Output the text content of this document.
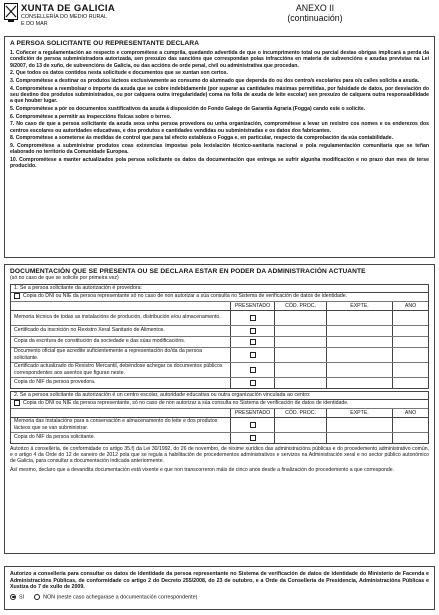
XUNTA DE GALICIA
CONSELLERÍA DO MEDIO RURAL
E DO MAR
ANEXO II
(continuación)
A PERSOA SOLICITANTE OU REPRESENTANTE DECLARA
1. Coñecer a regulamentación ao respecto e comprométese a cumprila, quedando advertida de que o incumprimento total ou parcial destas obrigas implicará a perda da condición de persoa subministradora autorizada, sen prexuízo das sancións que correspondan polas infraccións en materia de subvencións e axudas previstas na Lei 9/2007, do 13 de xuño, de subvencións de Galicia, ou das accións de orde penal, civil ou administrativa que procedan.
2. Que todos os datos contidos nesta solicitude e documentos que se xuntan son certos.
3. Comprométese a destinar os produtos lácteos exclusivamente ao consumo do alumnado que dependa do ou dos centro/s escolar/es para o/s cal/es solicita a axuda.
4. Comprométese a reembolsar o importe da axuda que se cobre indebidamente (por superar as cantidades máximas permitidas, por falsidade de datos, por desviación do seu destino dos produtos subministrados, ou por calquera outra irregularidade) coma na folla de axuda de leite escolar) sen prexuízo de calquera outra responsabilidade a que houber lugar.
5. Comprométese a pór os documentos xustificativos da axuda á disposición do Fondo Galego de Garantía Agraria (Fogga) cando este o solicite.
6. Comprométese a permitir as inspeccións físicas sobre o terreo.
7. No caso de que a persoa solicitante da axuda sexa unha persoa provedora ou unha organización, comprométese a levar un rexistro cos nomes e os enderezos dos centros escolares ou autoridades educativas, e dos produtos e cantidades vendidas ou subministradas e os datos dos fabricantes.
8. Comprométese a someterse ás medidas de control que para tal efecto estableza o Fogga e, en particular, respecto da comprobación da súa contabilidade.
9. Comprométese a subministrar produtos coas exixencias impostas pola lexislación técnico-sanitaria nacional e pola regulamentación comunitaria que se teñan elaborado no territorio da Comunidade Europea.
10. Comprométese a manter actualizados pola persoa solicitante os datos da documentación que entrega se sufrir algunha modificación e no prazo dun mes de terse producido.
DOCUMENTACIÓN QUE SE PRESENTA OU SE DECLARA ESTAR EN PODER DA ADMINISTRACIÓN ACTUANTE
(só no caso de que se solicite por primeira vez)
1. Se a persoa solicitante da autorización é provedora:
Copia do DNI ou NIE da persoa representante só no caso de non autorizar a súa consulta no Sistema de verificación de datos de identidade.
PRESENTADO	CÓD. PROC.	EXPTE.	ANO
Memoria técnica de todas as instalacións de produción, distribución e/ou almacenamento.
Certificado da inscrición no Rexistro Xeral Sanitario de Alimentos.
Copia da escritura de constitución da sociedade e das súas modificacións.
Documento oficial que acredite suficientemente a representación do/da da persoa solicitante.
Certificado actualizado do Rexistro Mercantil, debéndose achegar os documentos públicos correspondentes aos asentos que figuran neste.
Copia do NIF da persoa provedora.
2. Se a persoa solicitante da autorización é un centro escolar, autoridade educativa ou outra organización vinculada ao centro:
Copia do DNI ou NIE da persoa representante, só no caso de non autorizar a súa consulta no Sistema de verificación de datos de identidade.
PRESENTADO	CÓD. PROC.	EXPTE.	ANO
Memoria das instalacións para a conservación e almacenamento do leite e dos produtos lácteos que se van subministrar.
Copia do NIF da persoa solicitante.
Autorizo á consellería, de conformidade co artigo 35.f) da Lei 30/1992, do 26 de novembro, de réxime xurídico das administracións públicas e do procedemento administrativo común, e o artigo 4 da Orde do 12 de xaneiro de 2012 pola que se regula a habilitación de procedementos administrativos e servizos na Administración xeral e no sector público autonómico de Galicia, para consultar a documentación indicada anteriormente.
Así mesmo, declaro que a devandita documentación está vixente e que non transcorreron máis de cinco anos desde a finalización do procedemento a que corresponde.
Autorizo a consellería para consultar os datos de identidade da persoa representante no Sistema de verificación de datos de identidade do Ministerio de Facenda e Administracións Públicas, de conformidade co artigo 2 do Decreto 255/2008, do 23 de outubro, e a Orde da Consellería de Presidencia, Administracións Públicas e Xustiza do 7 de xullo de 2009.
SI	NON (neste caso achegarase a documentación correspondente)
